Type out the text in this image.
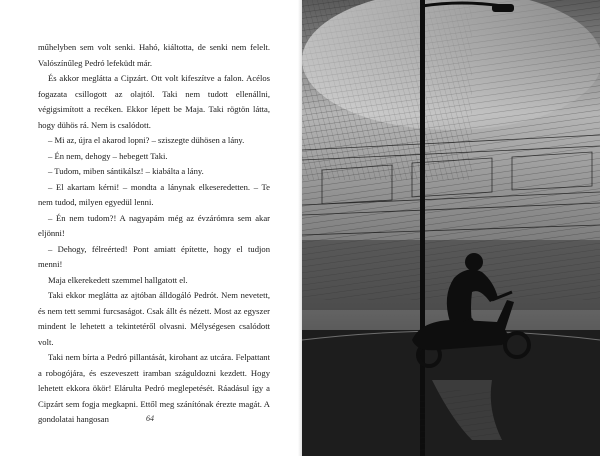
műhelyben sem volt senki. Hahó, kiáltotta, de senki nem felelt. Valószínűleg Pedró lefeküdt már.

És akkor meglátta a Cipzárt. Ott volt kifeszítve a falon. Acélos fogazata csillogott az olajtól. Taki nem tudott ellenállni, végigsimított a recéken. Ekkor lépett be Maja. Taki rögtön látta, hogy dühös rá. Nem is csalódott.

– Mi az, újra el akarod lopni? – sziszegte dühösen a lány.

– Én nem, dehogy – hebegett Taki.

– Tudom, miben sántikálsz! – kiabálta a lány.

– El akartam kérni! – mondta a lánynak elkeseredetten. – Te nem tudod, milyen egyedül lenni.

– Én nem tudom?! A nagyapám még az évzárómra sem akar eljönni!

– Dehogy, félreérted! Pont amiatt építette, hogy el tudjon menni!

Maja elkerekedett szemmel hallgatott el.

Taki ekkor meglátta az ajtóban álldogáló Pedrót. Nem nevetett, és nem tett semmi furcsaságot. Csak állt és nézett. Most az egyszer mindent le lehetett a tekintetéről olvasni. Mélységesen csalódott volt.

Taki nem bírta a Pedró pillantását, kirohant az utcára. Felpattant a robogójára, és eszeveszett iramban száguldozni kezdett. Hogy lehetett ekkora ökör! Elárulta Pedró meglepetését. Ráadásul így a Cipzárt sem fogja megkapni. Ettől meg szánítónak érezte magát. A gondolatai hangosan	64
